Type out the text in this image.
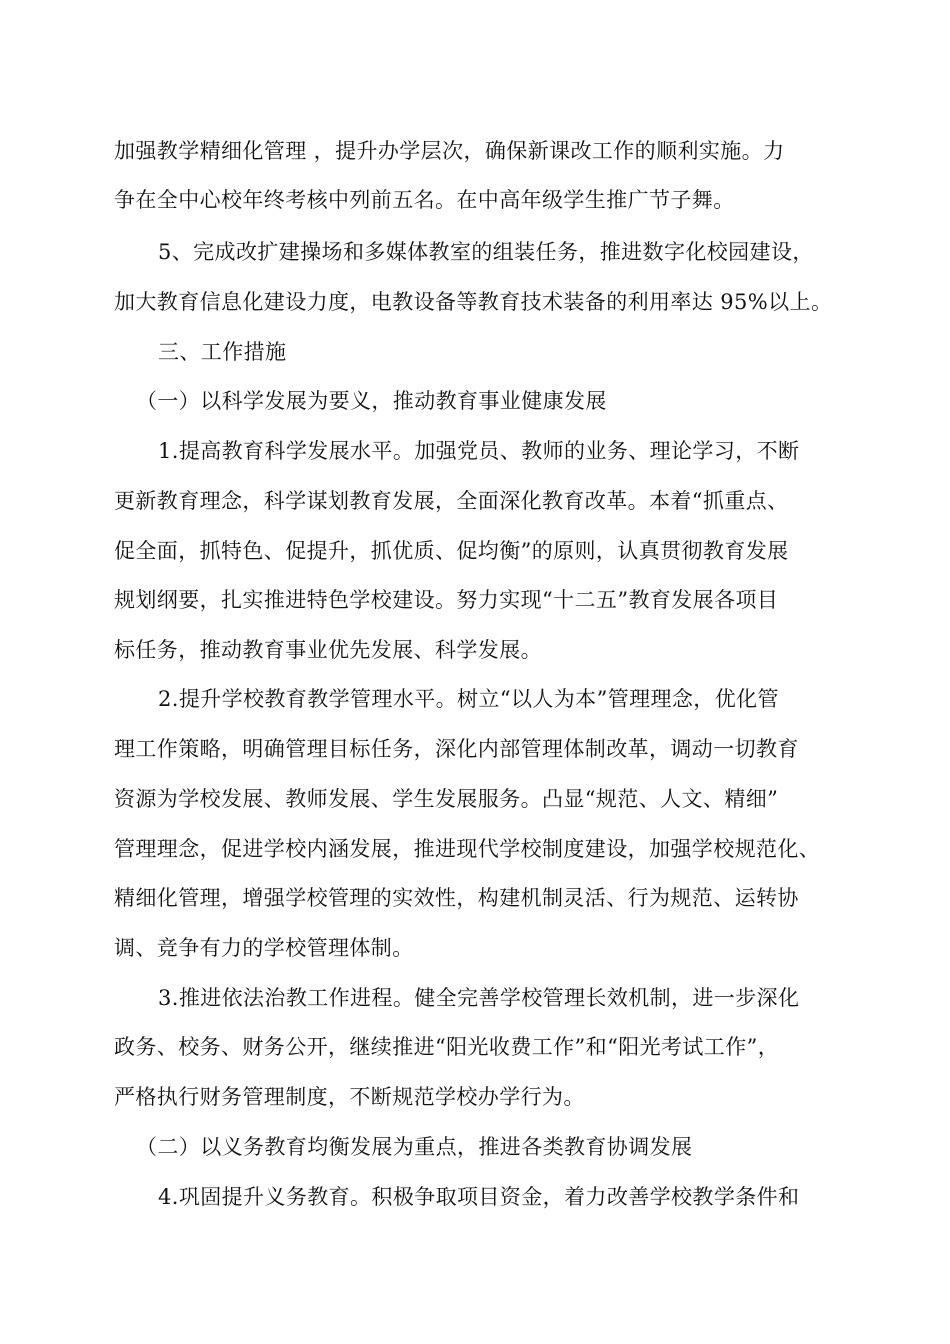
加强教学精细化管理 ，提升办学层次，确保新课改工作的顺利实施。力
争在全中心校年终考核中列前五名。在中高年级学生推广节子舞。
5、完成改扩建操场和多媒体教室的组装任务，推进数字化校园建设，
加大教育信息化建设力度，电教设备等教育技术装备的利用率达 95%以上。
三、工作措施
（一）以科学发展为要义，推动教育事业健康发展
1.提高教育科学发展水平。加强党员、教师的业务、理论学习，不断
更新教育理念，科学谋划教育发展，全面深化教育改革。本着“抓重点、
促全面，抓特色、促提升，抓优质、促均衡”的原则，认真贯彻教育发展
规划纲要，扎实推进特色学校建设。努力实现“十二五”教育发展各项目
标任务，推动教育事业优先发展、科学发展。
2.提升学校教育教学管理水平。树立“以人为本”管理理念，优化管
理工作策略，明确管理目标任务，深化内部管理体制改革，调动一切教育
资源为学校发展、教师发展、学生发展服务。凸显“规范、人文、精细”
管理理念，促进学校内涵发展，推进现代学校制度建设，加强学校规范化、
精细化管理，增强学校管理的实效性，构建机制灵活、行为规范、运转协
调、竞争有力的学校管理体制。
3.推进依法治教工作进程。健全完善学校管理长效机制，进一步深化
政务、校务、财务公开，继续推进“阳光收费工作”和“阳光考试工作”，
严格执行财务管理制度，不断规范学校办学行为。
（二）以义务教育均衡发展为重点，推进各类教育协调发展
4.巩固提升义务教育。积极争取项目资金，着力改善学校教学条件和
